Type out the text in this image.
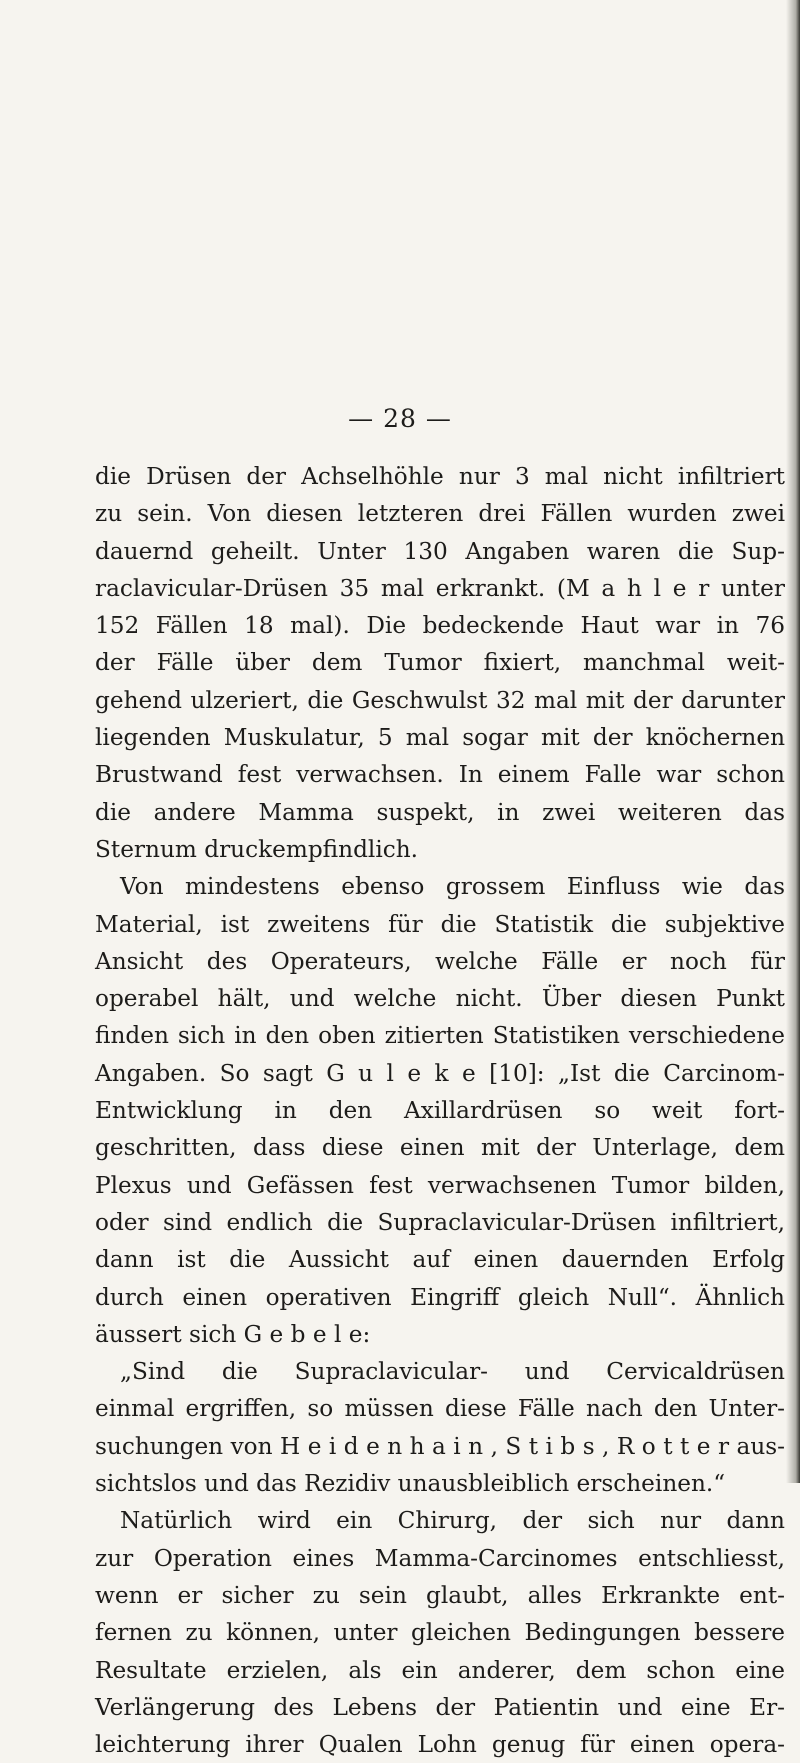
— 28 —
die Drüsen der Achselhöhle nur 3 mal nicht infiltriert
zu sein. Von diesen letzteren drei Fällen wurden zwei
dauernd geheilt. Unter 130 Angaben waren die Sup-
raclavicular-Drüsen 35 mal erkrankt. (M a h l e r unter
152 Fällen 18 mal). Die bedeckende Haut war in 76
der Fälle über dem Tumor fixiert, manchmal weit-
gehend ulzeriert, die Geschwulst 32 mal mit der darunter
liegenden Muskulatur, 5 mal sogar mit der knöchernen
Brustwand fest verwachsen. In einem Falle war schon
die andere Mamma suspekt, in zwei weiteren das
Sternum druckempfindlich.
Von mindestens ebenso grossem Einfluss wie das
Material, ist zweitens für die Statistik die subjektive
Ansicht des Operateurs, welche Fälle er noch für
operabel hält, und welche nicht. Über diesen Punkt
finden sich in den oben zitierten Statistiken verschiedene
Angaben. So sagt G u l e k e [10]: „Ist die Carcinom-
Entwicklung in den Axillardrüsen so weit fort-
geschritten, dass diese einen mit der Unterlage, dem
Plexus und Gefässen fest verwachsenen Tumor bilden,
oder sind endlich die Supraclavicular-Drüsen infiltriert,
dann ist die Aussicht auf einen dauernden Erfolg
durch einen operativen Eingriff gleich Null“. Ähnlich
äussert sich G e b e l e:
„Sind die Supraclavicular- und Cervicaldrüsen
einmal ergriffen, so müssen diese Fälle nach den Unter-
suchungen von H e i d e n h a i n , S t i b s , R o t t e r aus-
sichtslos und das Rezidiv unausbleiblich erscheinen.“
Natürlich wird ein Chirurg, der sich nur dann
zur Operation eines Mamma-Carcinomes entschliesst,
wenn er sicher zu sein glaubt, alles Erkrankte ent-
fernen zu können, unter gleichen Bedingungen bessere
Resultate erzielen, als ein anderer, dem schon eine
Verlängerung des Lebens der Patientin und eine Er-
leichterung ihrer Qualen Lohn genug für einen opera-
